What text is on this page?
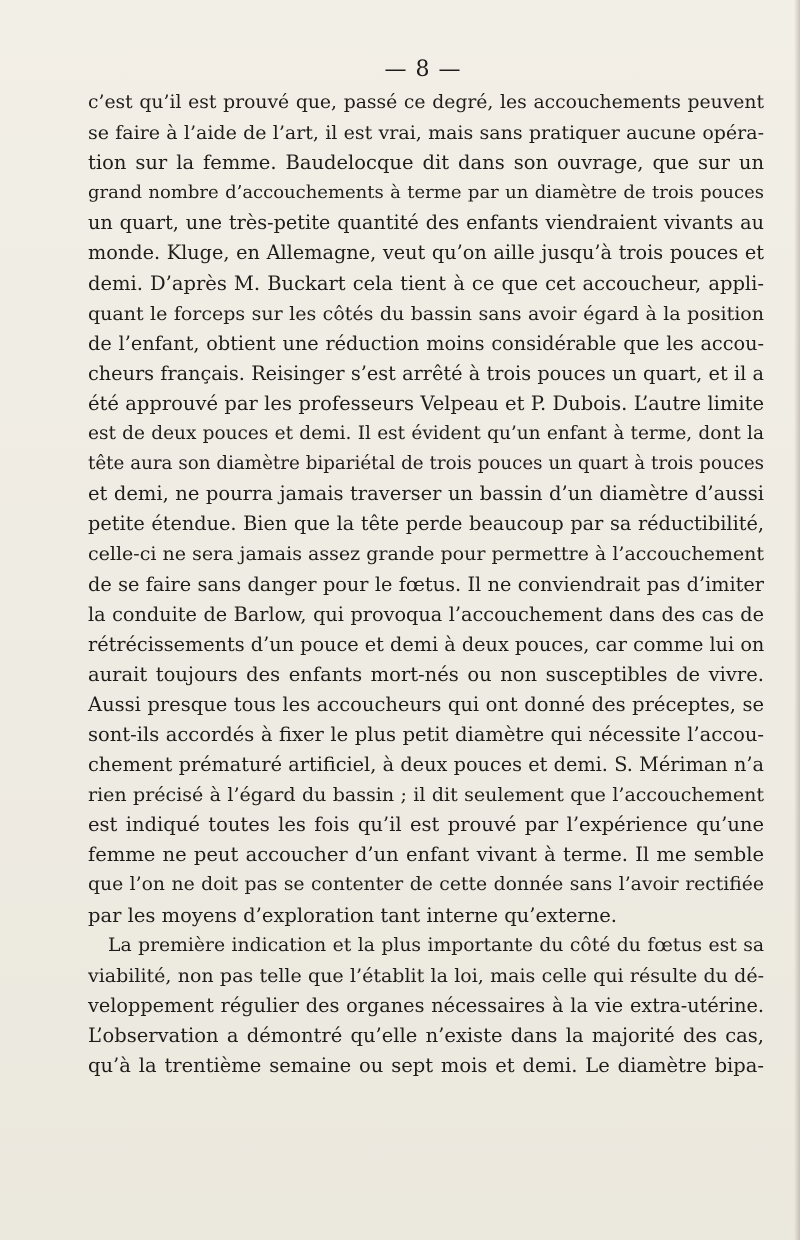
— 8 —
c’est qu’il est prouvé que, passé ce degré, les accouchements peuvent
se faire à l’aide de l’art, il est vrai, mais sans pratiquer aucune opéra-
tion sur la femme. Baudelocque dit dans son ouvrage, que sur un
grand nombre d’accouchements à terme par un diamètre de trois pouces
un quart, une très-petite quantité des enfants viendraient vivants au
monde. Kluge, en Allemagne, veut qu’on aille jusqu’à trois pouces et
demi. D’après M. Buckart cela tient à ce que cet accoucheur, appli-
quant le forceps sur les côtés du bassin sans avoir égard à la position
de l’enfant, obtient une réduction moins considérable que les accou-
cheurs français. Reisinger s’est arrêté à trois pouces un quart, et il a
été approuvé par les professeurs Velpeau et P. Dubois. L’autre limite
est de deux pouces et demi. Il est évident qu’un enfant à terme, dont la
tête aura son diamètre bipariétal de trois pouces un quart à trois pouces
et demi, ne pourra jamais traverser un bassin d’un diamètre d’aussi
petite étendue. Bien que la tête perde beaucoup par sa réductibilité,
celle-ci ne sera jamais assez grande pour permettre à l’accouchement
de se faire sans danger pour le fœtus. Il ne conviendrait pas d’imiter
la conduite de Barlow, qui provoqua l’accouchement dans des cas de
rétrécissements d’un pouce et demi à deux pouces, car comme lui on
aurait toujours des enfants mort-nés ou non susceptibles de vivre.
Aussi presque tous les accoucheurs qui ont donné des préceptes, se
sont-ils accordés à fixer le plus petit diamètre qui nécessite l’accou-
chement prématuré artificiel, à deux pouces et demi. S. Mériman n’a
rien précisé à l’égard du bassin ; il dit seulement que l’accouchement
est indiqué toutes les fois qu’il est prouvé par l’expérience qu’une
femme ne peut accoucher d’un enfant vivant à terme. Il me semble
que l’on ne doit pas se contenter de cette donnée sans l’avoir rectifiée
par les moyens d’exploration tant interne qu’externe.
La première indication et la plus importante du côté du fœtus est sa
viabilité, non pas telle que l’établit la loi, mais celle qui résulte du dé-
veloppement régulier des organes nécessaires à la vie extra-utérine.
L’observation a démontré qu’elle n’existe dans la majorité des cas,
qu’à la trentième semaine ou sept mois et demi. Le diamètre bipa-
